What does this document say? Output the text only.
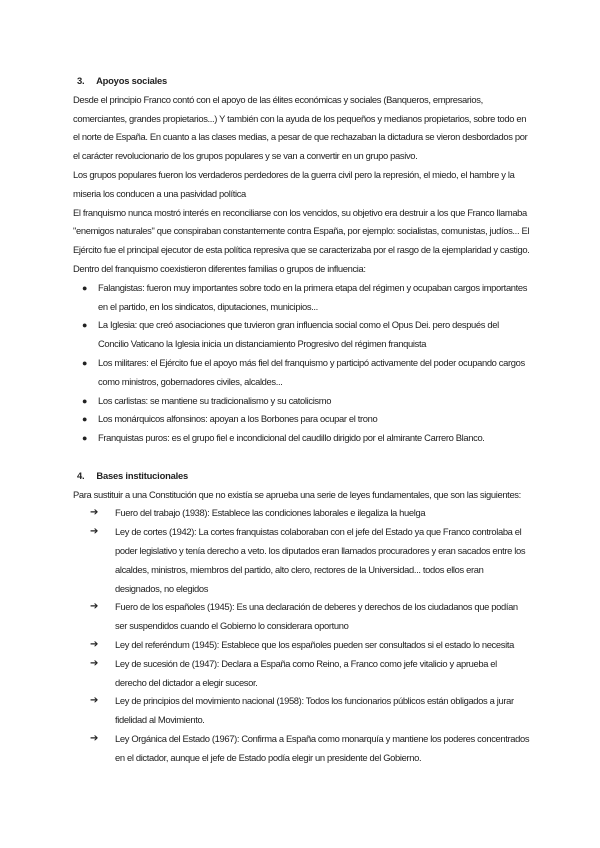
3. Apoyos sociales

Desde el principio Franco contó con el apoyo de las élites económicas y sociales (Banqueros, empresarios, comerciantes, grandes propietarios...) Y también con la ayuda de los pequeños y medianos propietarios, sobre todo en el norte de España. En cuanto a las clases medias, a pesar de que rechazaban la dictadura se vieron desbordados por el carácter revolucionario de los grupos populares y se van a convertir en un grupo pasivo.

Los grupos populares fueron los verdaderos perdedores de la guerra civil pero la represión, el miedo, el hambre y la miseria los conducen a una pasividad política

El franquismo nunca mostró interés en reconciliarse con los vencidos, su objetivo era destruir a los que Franco llamaba "enemigos naturales" que conspiraban constantemente contra España, por ejemplo: socialistas, comunistas, judíos... El Ejército fue el principal ejecutor de esta política represiva que se caracterizaba por el rasgo de la ejemplaridad y castigo.

Dentro del franquismo coexistieron diferentes familias o grupos de influencia:

● Falangistas: fueron muy importantes sobre todo en la primera etapa del régimen y ocupaban cargos importantes en el partido, en los sindicatos, diputaciones, municipios...
● La Iglesia: que creó asociaciones que tuvieron gran influencia social como el Opus Dei. pero después del Concilio Vaticano la Iglesia inicia un distanciamiento Progresivo del régimen franquista
● Los militares: el Ejército fue el apoyo más fiel del franquismo y participó activamente del poder ocupando cargos como ministros, gobernadores civiles, alcaldes...
● Los carlistas: se mantiene su tradicionalismo y su catolicismo
● Los monárquicos alfonsinos: apoyan a los Borbones para ocupar el trono
● Franquistas puros: es el grupo fiel e incondicional del caudillo dirigido por el almirante Carrero Blanco.

4. Bases institucionales

Para sustituir a una Constitución que no existía se aprueba una serie de leyes fundamentales, que son las siguientes:

➔ Fuero del trabajo (1938): Establece las condiciones laborales e ilegaliza la huelga
➔ Ley de cortes (1942): La cortes franquistas colaboraban con el jefe del Estado ya que Franco controlaba el poder legislativo y tenía derecho a veto. los diputados eran llamados procuradores y eran sacados entre los alcaldes, ministros, miembros del partido, alto clero, rectores de la Universidad... todos ellos eran designados, no elegidos
➔ Fuero de los españoles (1945): Es una declaración de deberes y derechos de los ciudadanos que podían ser suspendidos cuando el Gobierno lo considerara oportuno
➔ Ley del referéndum (1945): Establece que los españoles pueden ser consultados si el estado lo necesita
➔ Ley de sucesión de (1947): Declara a España como Reino, a Franco como jefe vitalicio y aprueba el derecho del dictador a elegir sucesor.
➔ Ley de principios del movimiento nacional (1958): Todos los funcionarios públicos están obligados a jurar fidelidad al Movimiento.
➔ Ley Orgánica del Estado (1967): Confirma a España como monarquía y mantiene los poderes concentrados en el dictador, aunque el jefe de Estado podía elegir un presidente del Gobierno.
